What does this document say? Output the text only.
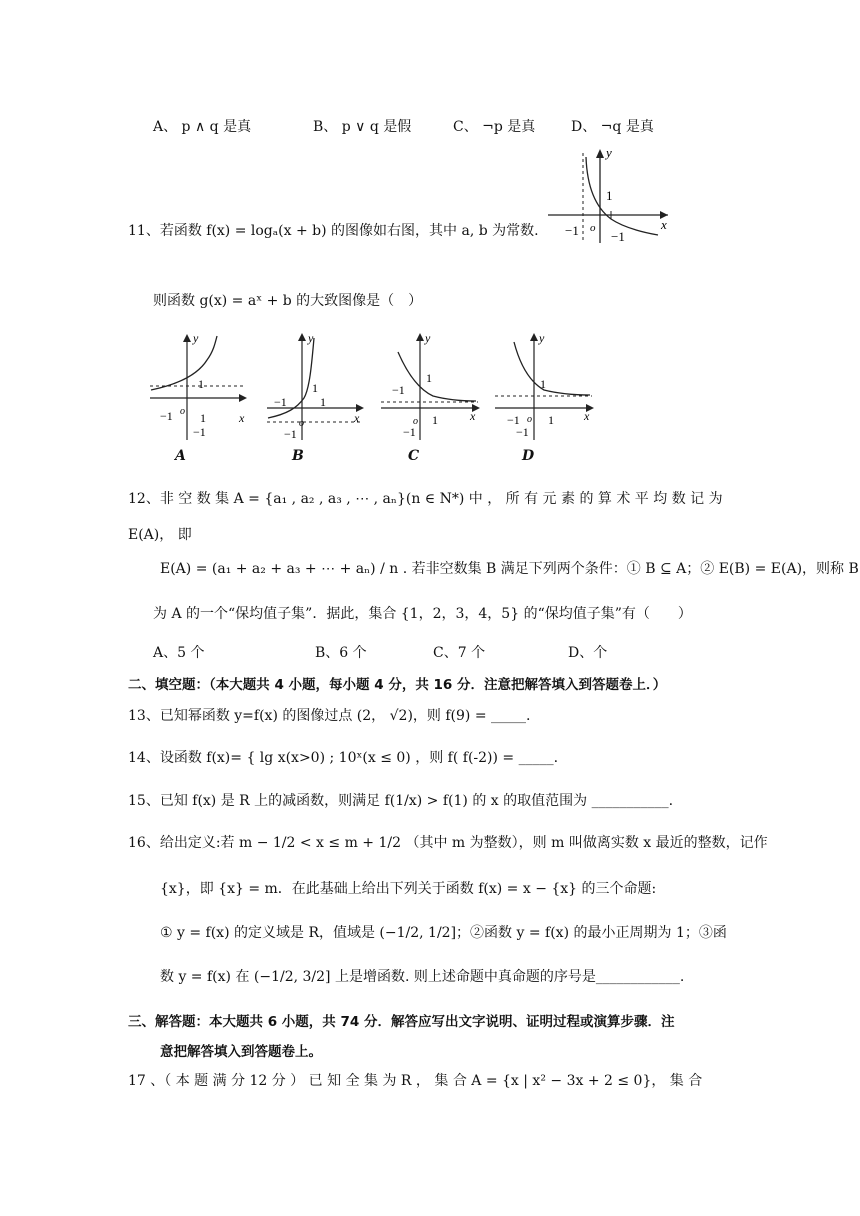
A、 p ∧ q 是真	B、 p ∨ q 是假	C、 ¬p 是真	D、 ¬q 是真
y
x
1
−1 o
−1
11、若函数 f(x) = logₐ(x + b) 的图像如右图，其中 a, b 为常数.
则函数 g(x) = aˣ + b 的大致图像是（　）
y
1
−1 o 1
−1
x
A
y
1
−1
o
1
−1
x
B
y
1
−1
o 1
−1
x
C
y
1
−1 o 1
−1
x
D
12、非 空 数 集 A = {a₁ , a₂ , a₃ , ⋯ , aₙ}(n ∈ N*) 中 ， 所 有 元 素 的 算 术 平 均 数 记 为
E(A)， 即
E(A) = (a₁ + a₂ + a₃ + ⋯ + aₙ) / n . 若非空数集 B 满足下列两个条件：① B ⊆ A；② E(B) = E(A)，则称 B
为 A 的一个“保均值子集”．据此，集合 {1，2，3，4，5} 的“保均值子集”有（　　）
A、5 个	B、6 个	C、7 个	D、个
二、填空题：（本大题共 4 小题，每小题 4 分，共 16 分．注意把解答填入到答题卷上．）
13、已知幂函数 y=f(x) 的图像过点 (2， √2)，则 f(9) = _____.
14、设函数 f(x)= { lg x(x>0) ; 10ˣ(x ≤ 0) ，则 f( f(-2)) = _____.
15、已知 f(x) 是 R 上的减函数，则满足 f(1/x) > f(1) 的 x 的取值范围为 ___________.
16、给出定义:若 m − 1/2 < x ≤ m + 1/2 （其中 m 为整数），则 m 叫做离实数 x 最近的整数，记作
{x}，即 {x} = m．在此基础上给出下列关于函数 f(x) = x − {x} 的三个命题:
① y = f(x) 的定义域是 R，值域是 (−1/2, 1/2]；②函数 y = f(x) 的最小正周期为 1；③函
数 y = f(x) 在 (−1/2, 3/2] 上是增函数. 则上述命题中真命题的序号是____________.
三、解答题：本大题共 6 小题，共 74 分．解答应写出文字说明、证明过程或演算步骤．注
意把解答填入到答题卷上。
17 、（ 本 题 满 分 12 分 ） 已 知 全 集 为 R ， 集 合 A = {x | x² − 3x + 2 ≤ 0}， 集 合
